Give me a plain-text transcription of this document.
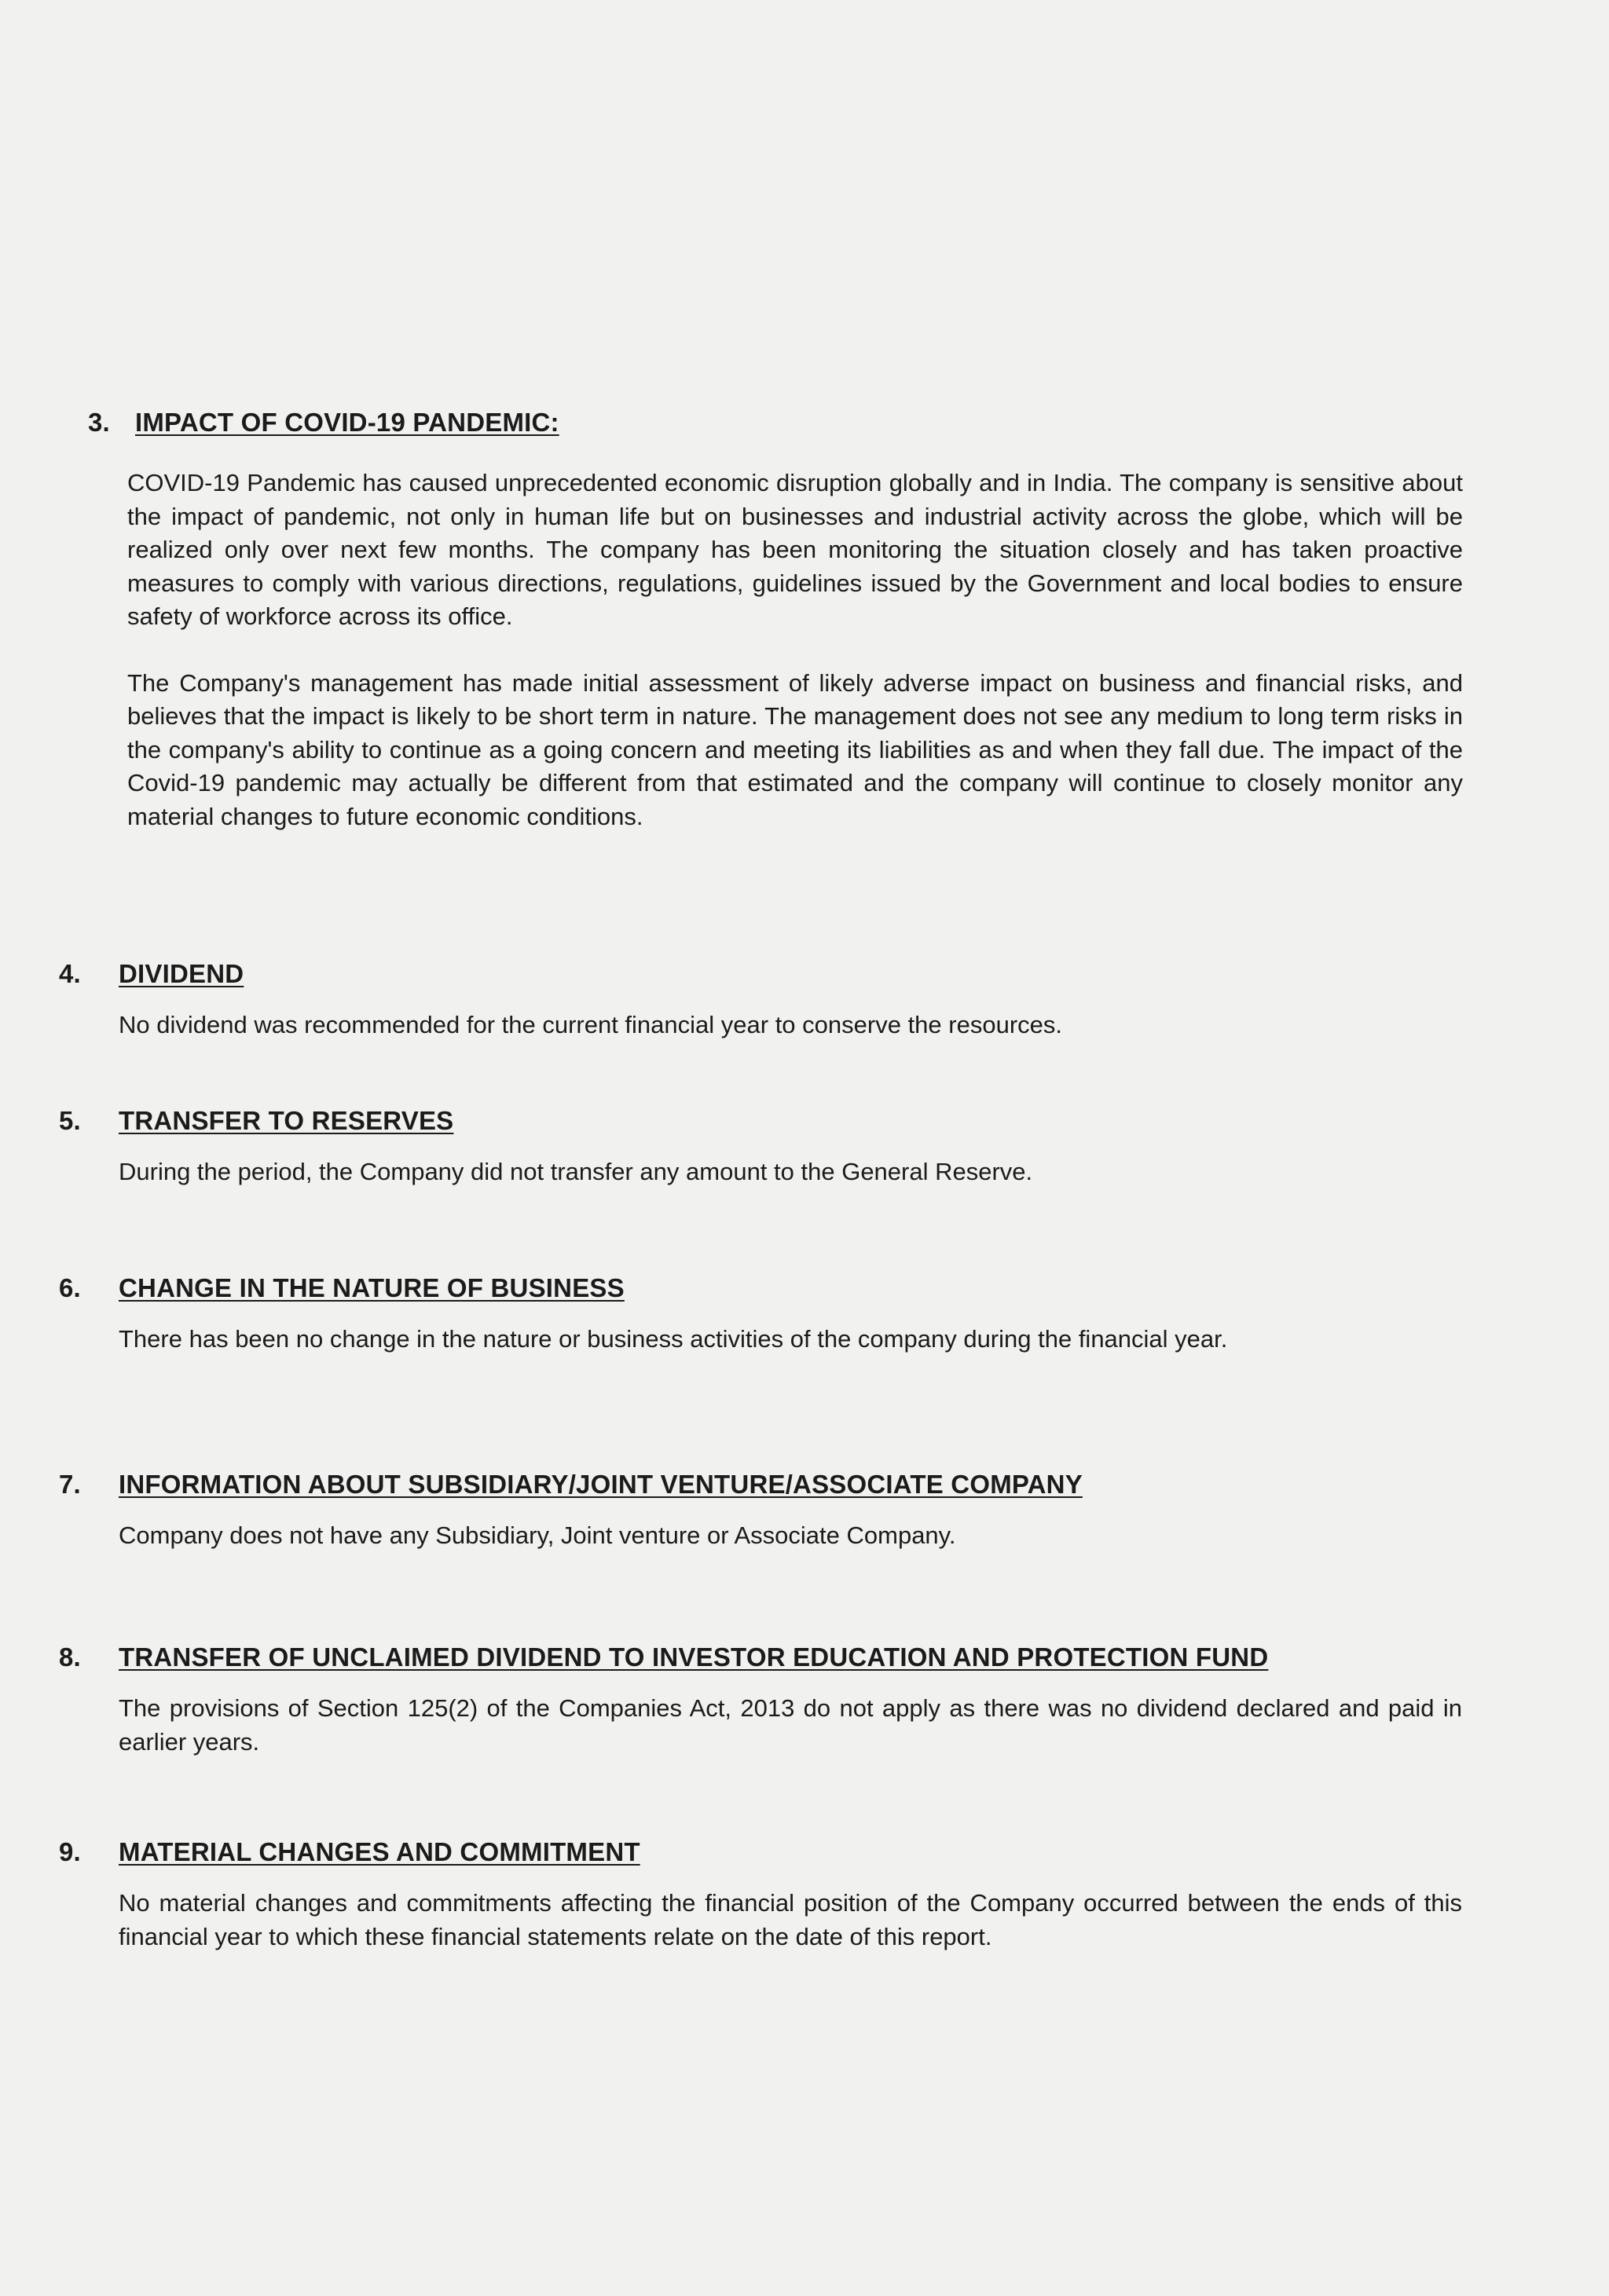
3. IMPACT OF COVID-19 PANDEMIC:

COVID-19 Pandemic has caused unprecedented economic disruption globally and in India. The company is sensitive about the impact of pandemic, not only in human life but on businesses and industrial activity across the globe, which will be realized only over next few months. The company has been monitoring the situation closely and has taken proactive measures to comply with various directions, regulations, guidelines issued by the Government and local bodies to ensure safety of workforce across its office.

The Company's management has made initial assessment of likely adverse impact on business and financial risks, and believes that the impact is likely to be short term in nature. The management does not see any medium to long term risks in the company's ability to continue as a going concern and meeting its liabilities as and when they fall due. The impact of the Covid-19 pandemic may actually be different from that estimated and the company will continue to closely monitor any material changes to future economic conditions.

4.	DIVIDEND

No dividend was recommended for the current financial year to conserve the resources.

5.	TRANSFER TO RESERVES

During the period, the Company did not transfer any amount to the General Reserve.

6.	CHANGE IN THE NATURE OF BUSINESS

There has been no change in the nature or business activities of the company during the financial year.

7.	INFORMATION ABOUT SUBSIDIARY/JOINT VENTURE/ASSOCIATE COMPANY

Company does not have any Subsidiary, Joint venture or Associate Company.

8.	TRANSFER OF UNCLAIMED DIVIDEND TO INVESTOR EDUCATION AND PROTECTION FUND

The provisions of Section 125(2) of the Companies Act, 2013 do not apply as there was no dividend declared and paid in earlier years.

9.	MATERIAL CHANGES AND COMMITMENT

No material changes and commitments affecting the financial position of the Company occurred between the ends of this financial year to which these financial statements relate on the date of this report.
